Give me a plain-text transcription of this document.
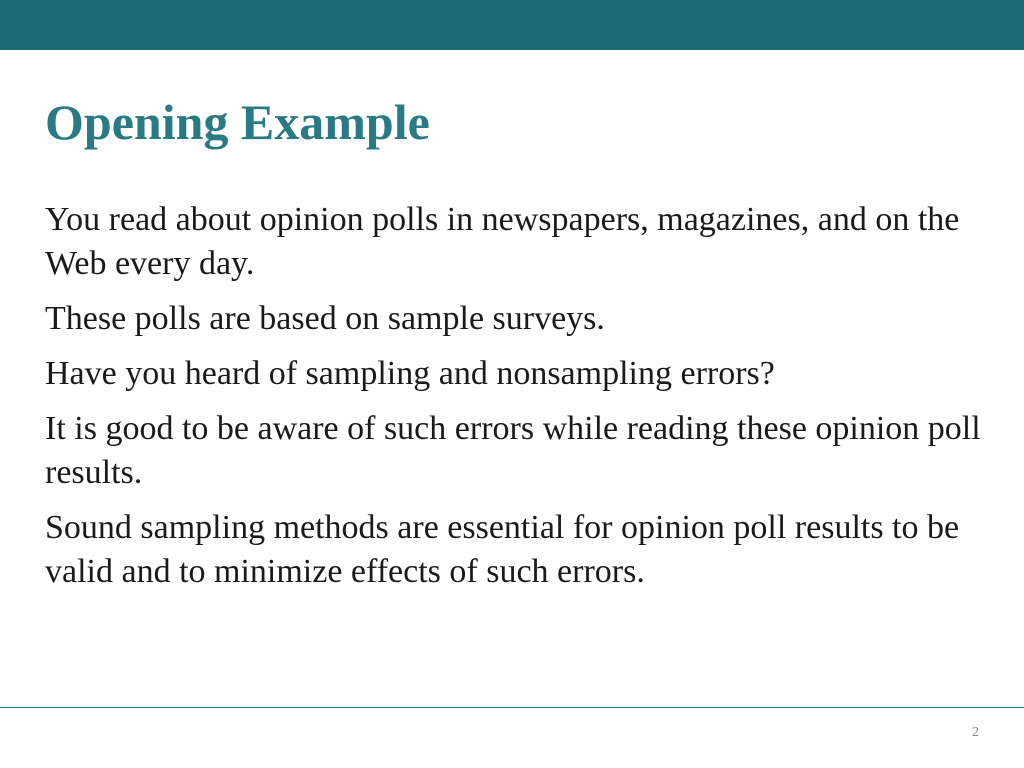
Opening Example

You read about opinion polls in newspapers, magazines, and on the Web every day.

These polls are based on sample surveys.

Have you heard of sampling and nonsampling errors?

It is good to be aware of such errors while reading these opinion poll results.

Sound sampling methods are essential for opinion poll results to be valid and to minimize effects of such errors.

2
